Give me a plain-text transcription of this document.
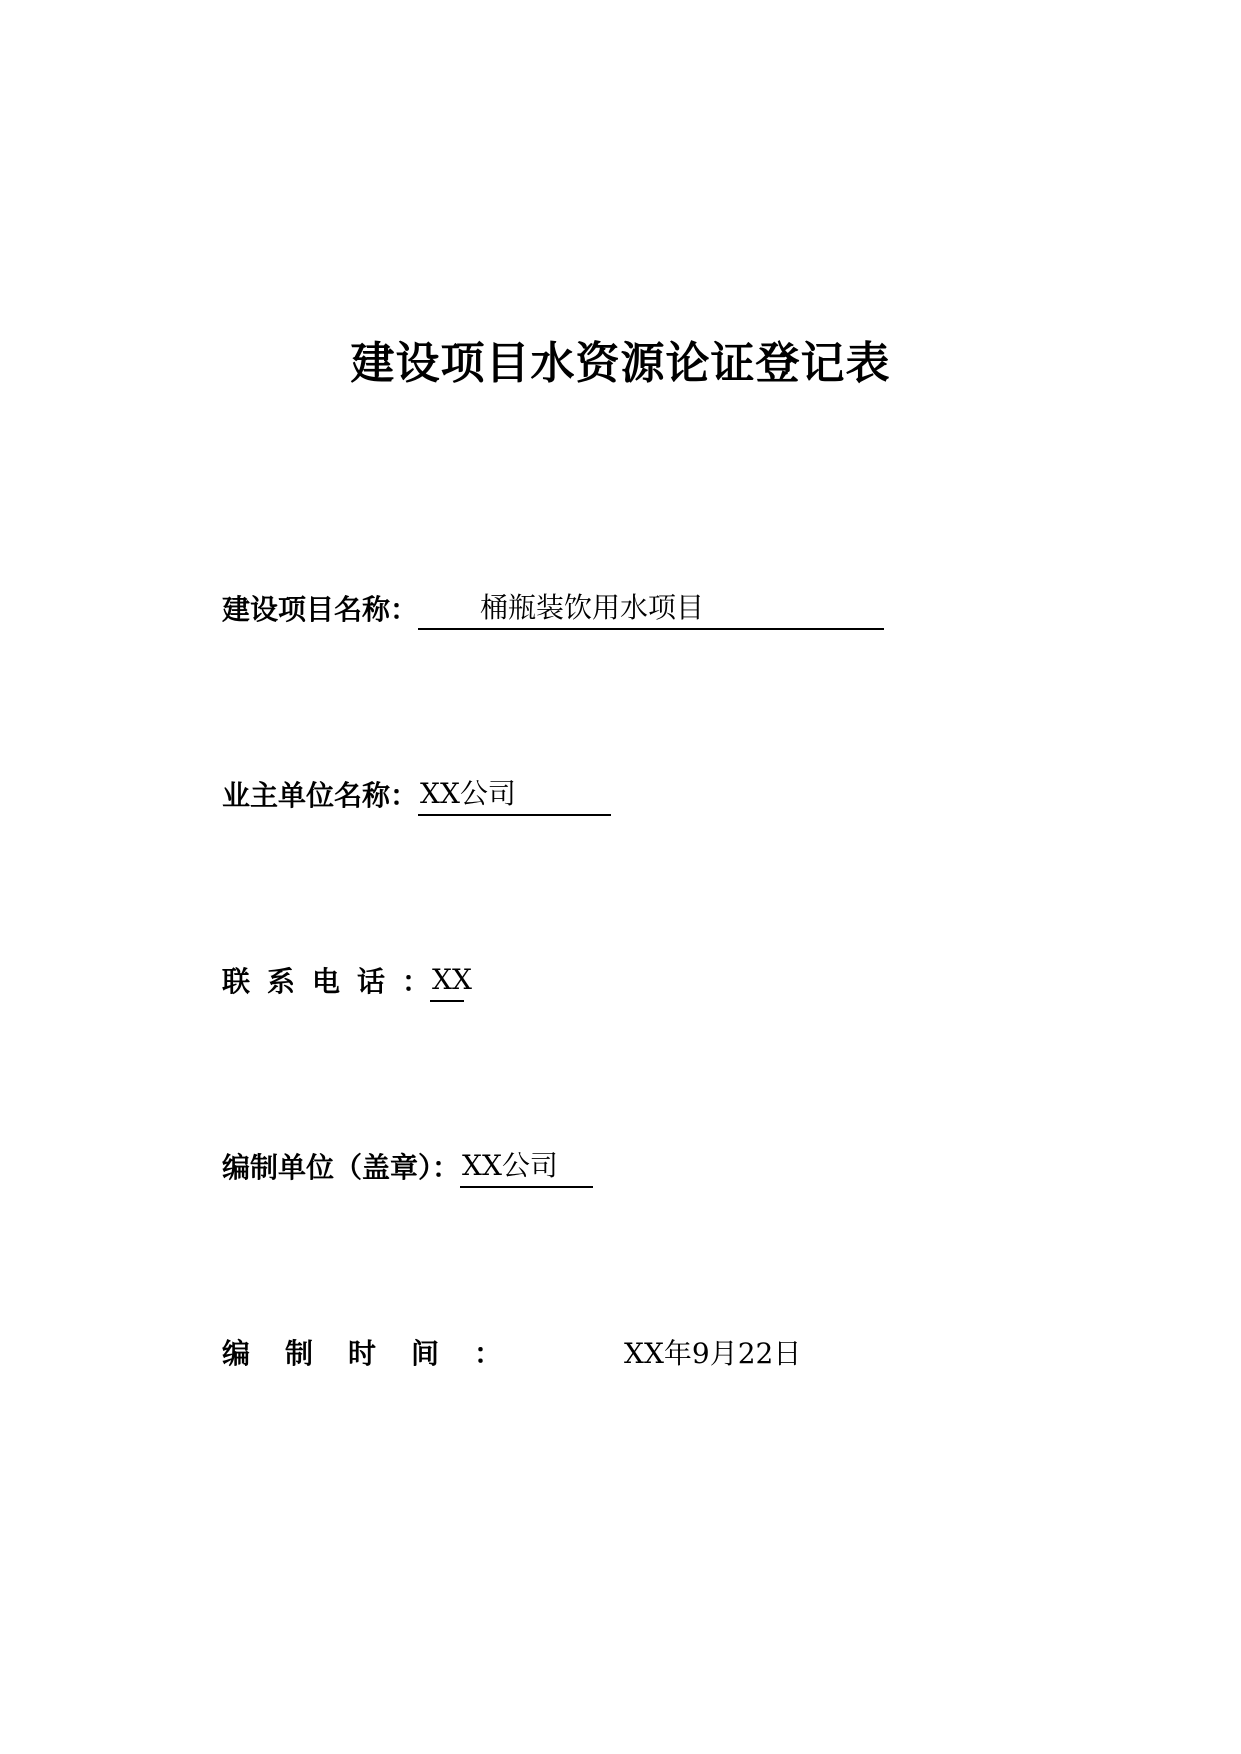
建设项目水资源论证登记表
建设项目名称：	桶瓶装饮用水项目
业主单位名称： XX公司
联系电话： XX
编制单位（盖章）： XX公司
编制时间：	XX年9月22日
